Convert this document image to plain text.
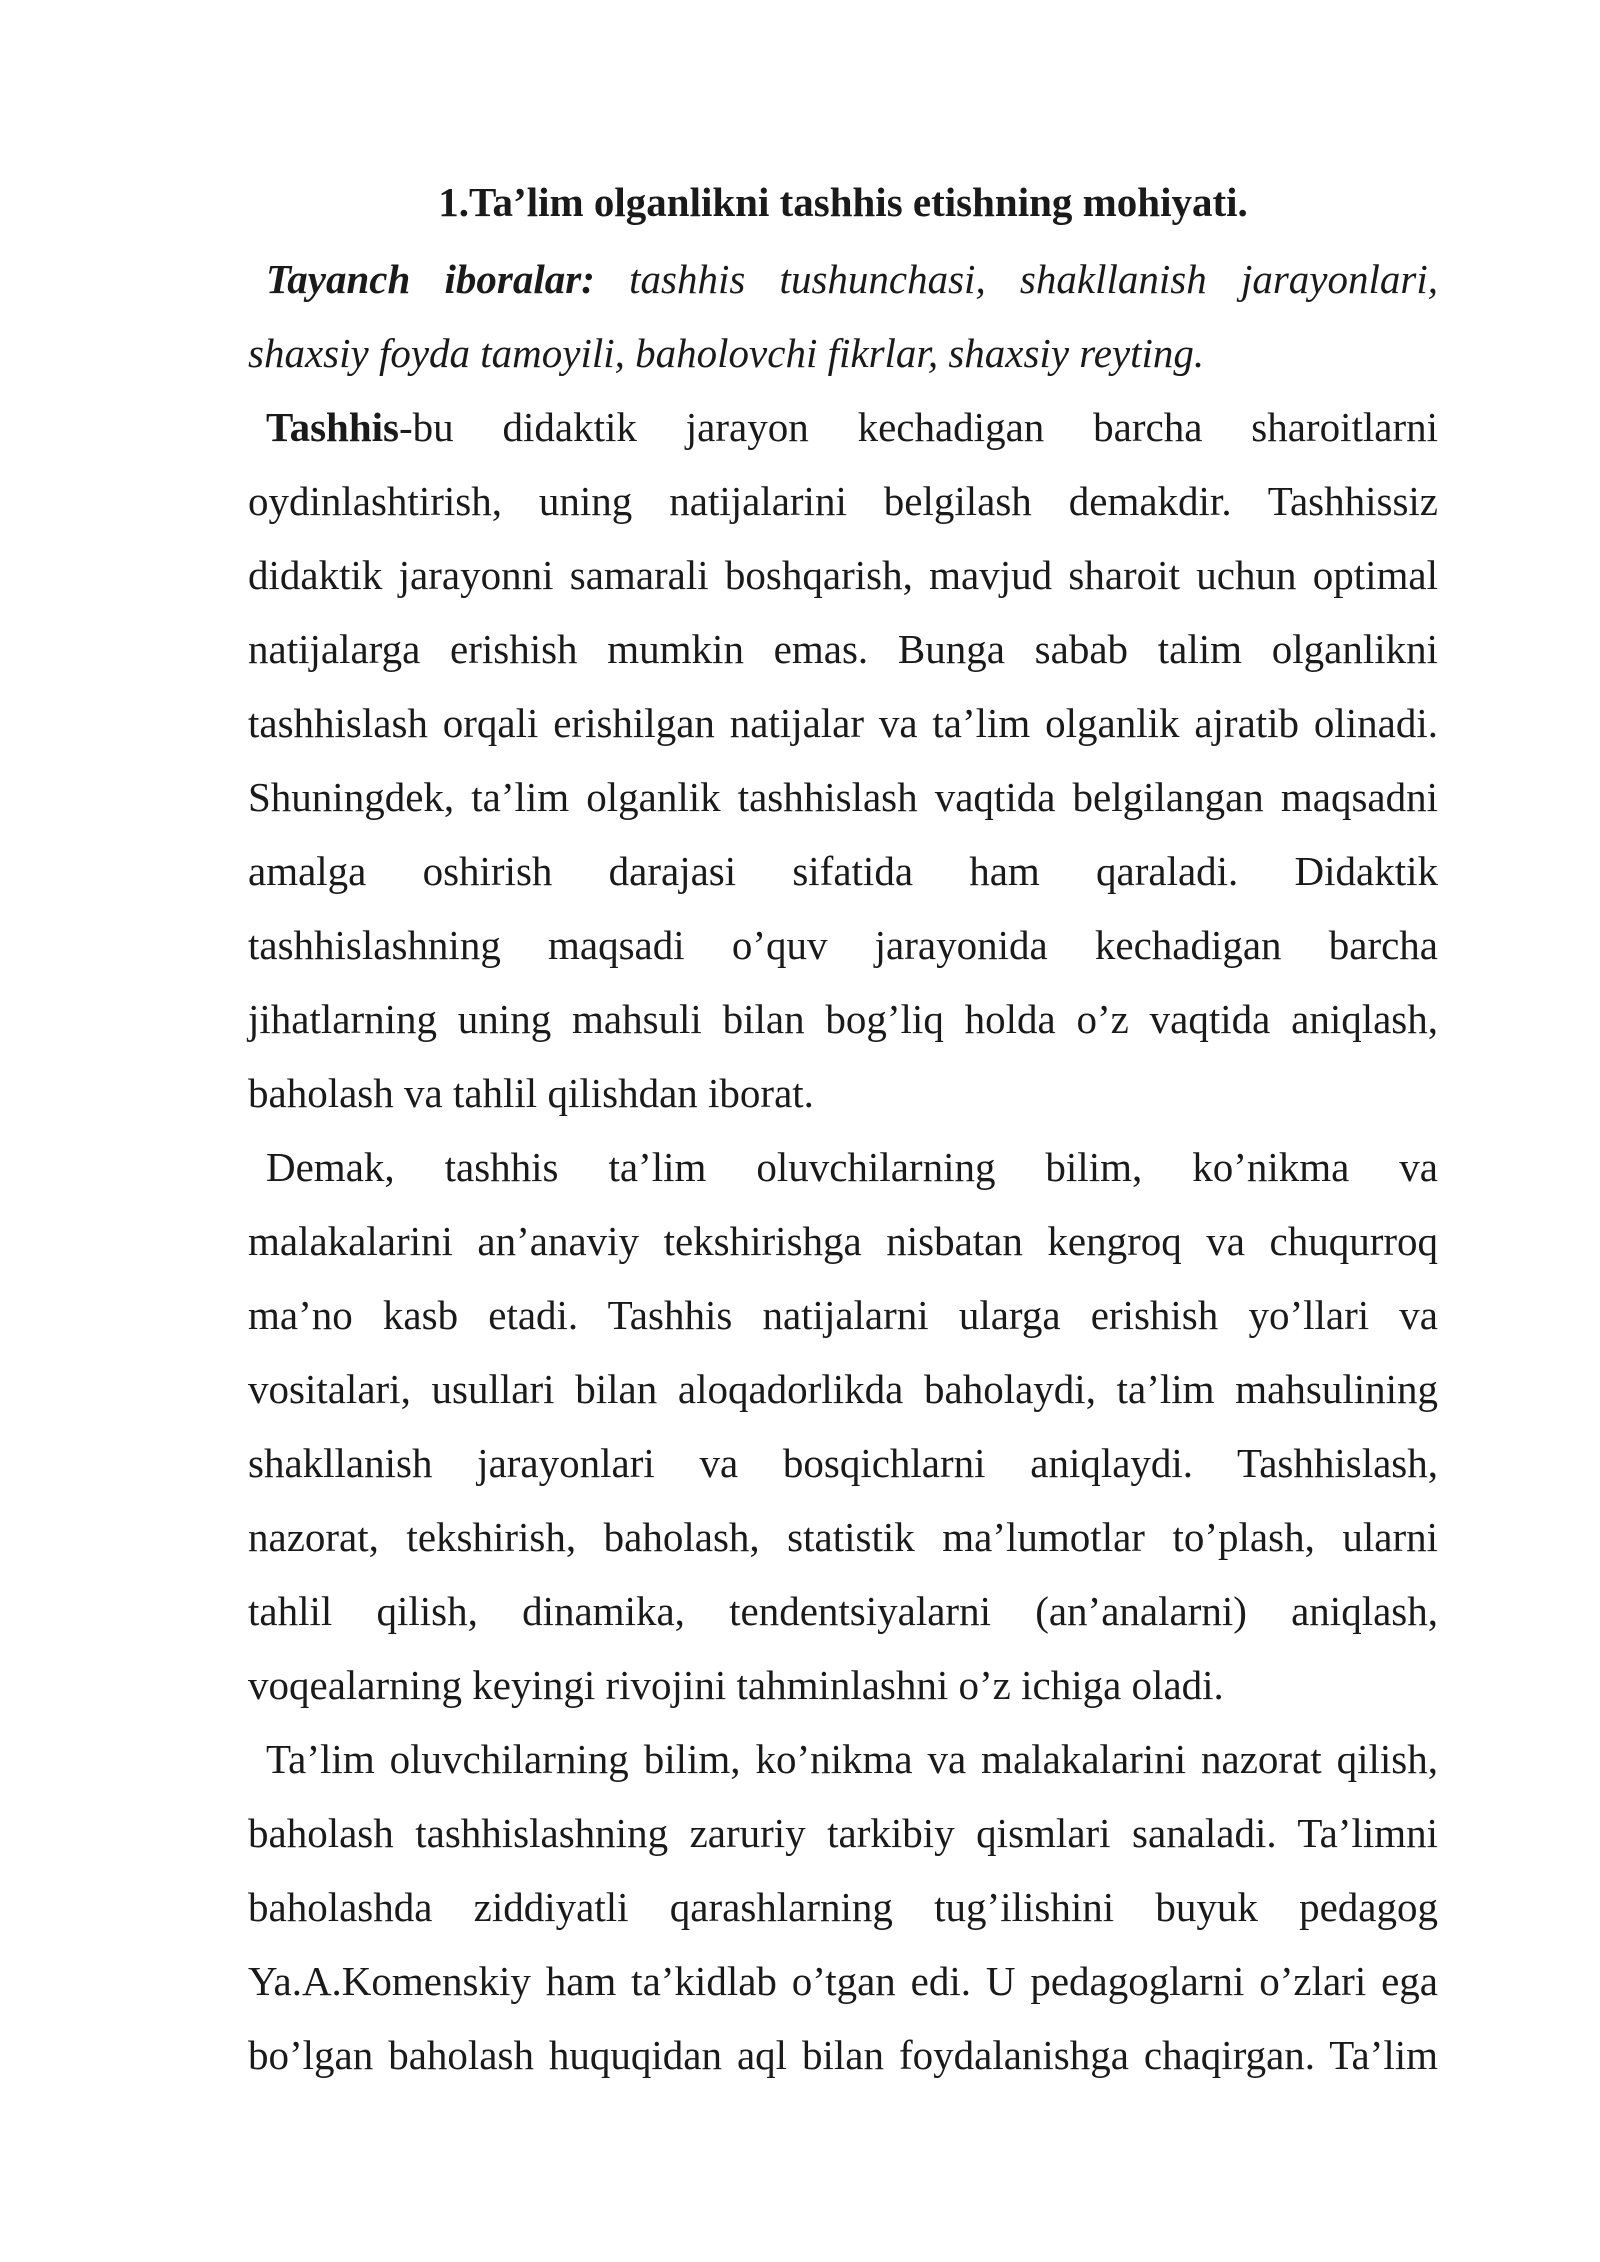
1.Ta’lim olganlikni tashhis etishning mohiyati.

Tayanch iboralar: tashhis tushunchasi, shakllanish jarayonlari,

shaxsiy foyda tamoyili, baholovchi fikrlar, shaxsiy reyting.

Tashhis-bu didaktik jarayon kechadigan barcha sharoitlarni

oydinlashtirish, uning natijalarini belgilash demakdir. Tashhissiz

didaktik jarayonni samarali boshqarish, mavjud sharoit uchun optimal

natijalarga erishish mumkin emas. Bunga sabab talim olganlikni

tashhislash orqali erishilgan natijalar va ta’lim olganlik ajratib olinadi.

Shuningdek, ta’lim olganlik tashhislash vaqtida belgilangan maqsadni

amalga oshirish darajasi sifatida ham qaraladi. Didaktik

tashhislashning maqsadi o’quv jarayonida kechadigan barcha

jihatlarning uning mahsuli bilan bog’liq holda o’z vaqtida aniqlash,

baholash va tahlil qilishdan iborat.

Demak, tashhis ta’lim oluvchilarning bilim, ko’nikma va

malakalarini an’anaviy tekshirishga nisbatan kengroq va chuqurroq

ma’no kasb etadi. Tashhis natijalarni ularga erishish yo’llari va

vositalari, usullari bilan aloqadorlikda baholaydi, ta’lim mahsulining

shakllanish jarayonlari va bosqichlarni aniqlaydi. Tashhislash,

nazorat, tekshirish, baholash, statistik ma’lumotlar to’plash, ularni

tahlil qilish, dinamika, tendentsiyalarni (an’analarni) aniqlash,

voqealarning keyingi rivojini tahminlashni o’z ichiga oladi.

Ta’lim oluvchilarning bilim, ko’nikma va malakalarini nazorat qilish,

baholash tashhislashning zaruriy tarkibiy qismlari sanaladi. Ta’limni

baholashda ziddiyatli qarashlarning tug’ilishini buyuk pedagog

Ya.A.Komenskiy ham ta’kidlab o’tgan edi. U pedagoglarni o’zlari ega

bo’lgan baholash huquqidan aql bilan foydalanishga chaqirgan. Ta’lim
